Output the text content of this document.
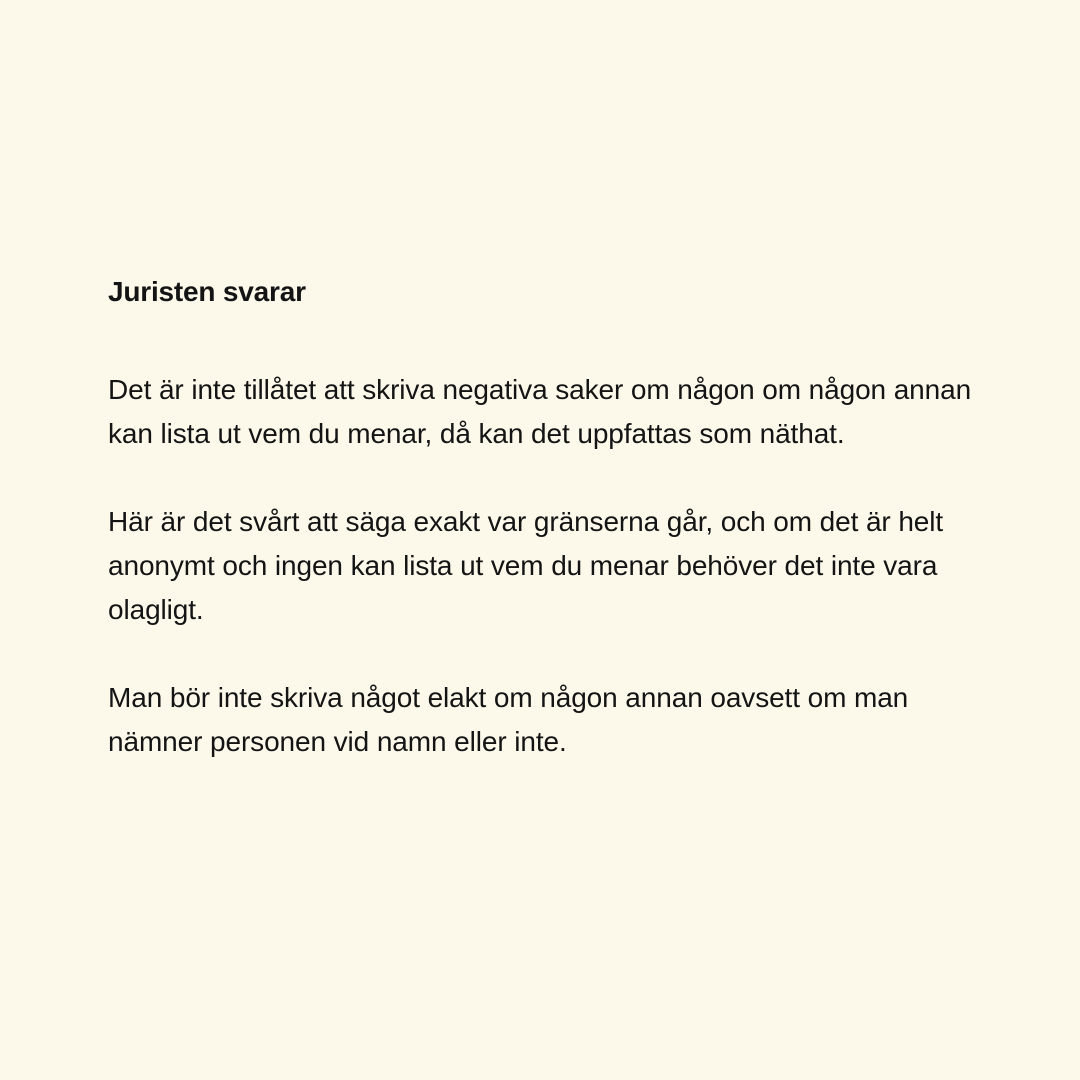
Juristen svarar

Det är inte tillåtet att skriva negativa saker om någon om någon annan kan lista ut vem du menar, då kan det uppfattas som näthat.

Här är det svårt att säga exakt var gränserna går, och om det är helt anonymt och ingen kan lista ut vem du menar behöver det inte vara olagligt.

Man bör inte skriva något elakt om någon annan oavsett om man nämner personen vid namn eller inte.
